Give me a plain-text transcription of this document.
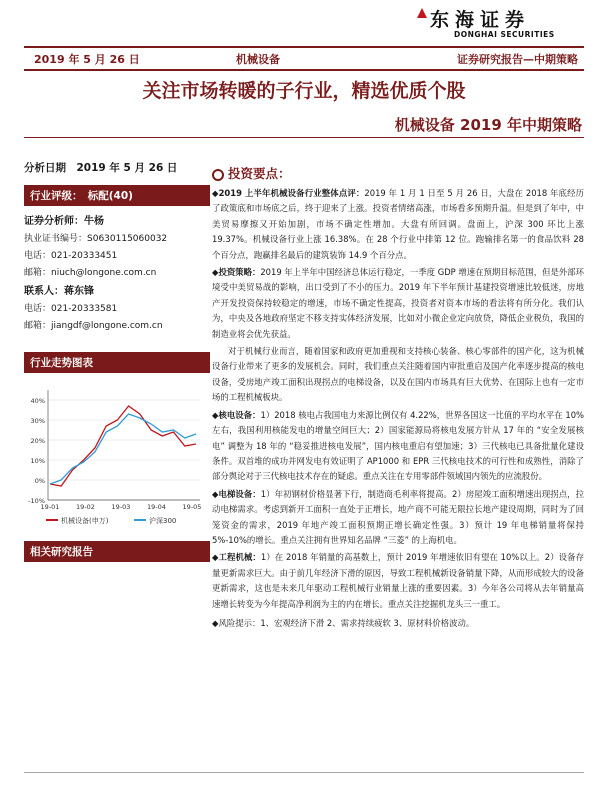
东海证券
DONGHAI SECURITIES
2019 年 5 月 26 日	机械设备	证券研究报告—中期策略
关注市场转暖的子行业，精选优质个股
机械设备 2019 年中期策略
分析日期　2019 年 5 月 26 日
行业评级：　标配(40)
证券分析师：牛杨
执业证书编号：S0630115060032
电话：021-20333451
邮箱：niuch@longone.com.cn
联系人：蒋东锋
电话：021-20333581
邮箱：jiangdf@longone.com.cn
行业走势图表
-10%
0%
10%
20%
30%
40%
19-01	19-02	19-03	19-04	19-05
机械设备(申万)	沪深300
相关研究报告
投资要点：

◆2019 上半年机械设备行业整体点评：2019 年 1 月 1 日至 5 月 26 日，大盘在 2018 年底经历了政策底和市场底之后，终于迎来了上涨。投资者情绪高涨，市场看多预期升温。但是到了年中，中美贸易摩擦又开始加剧，市场不确定性增加。大盘有所回调。盘面上，沪深 300 环比上涨 19.37%。机械设备行业上涨 16.38%。在 28 个行业中排第 12 位。跑输排名第一的食品饮料 28 个百分点，跑赢排名最后的建筑装饰 14.9 个百分点。

◆投资策略：2019 年上半年中国经济总体运行稳定，一季度 GDP 增速在预期目标范围，但是外部环境受中美贸易战的影响，出口受到了不小的压力。2019 年下半年预计基建投资增速比较低迷，房地产开发投资保持较稳定的增速，市场不确定性提高，投资者对资本市场的看法将有所分化。我们认为，中央及各地政府坚定不移支持实体经济发展，比如对小微企业定向放贷，降低企业税负，我国的制造业将会优先获益。

对于机械行业而言，随着国家和政府更加重视和支持核心装备、核心零部件的国产化，这为机械设备行业带来了更多的发展机会。同时，我们重点关注随着国内审批重启及国产化率逐步提高的核电设备，受房地产竣工面积出现拐点的电梯设备，以及在国内市场具有巨大优势、在国际上也有一定市场的工程机械板块。

◆核电设备：1）2018 核电占我国电力来源比例仅有 4.22%，世界各国这一比值的平均水平在 10%左右，我国利用核能发电的增量空间巨大；2）国家能源局将核电发展方针从 17 年的 “安全发展核电” 调整为 18 年的 “稳妥推进核电发展”，国内核电重启有望加速；3）三代核电已具备批量化建设条件。双首堆的成功并网发电有效证明了 AP1000 和 EPR 三代核电技术的可行性和成熟性，消除了部分舆论对于三代核电技术存在的疑虑。重点关注在专用零部件领域国内领先的应流股份。

◆电梯设备：1）年初钢材价格显著下行，制造商毛利率将提高。2）房屋竣工面积增速出现拐点，拉动电梯需求。考虑到新开工面积一直处于正增长，地产商不可能无限拉长地产建设周期，同时为了回笼资金的需求，2019 年地产竣工面积预期正增长确定性强。3）预计 19 年电梯销量将保持 5%-10%的增长。重点关注拥有世界知名品牌 “三菱” 的上海机电。

◆工程机械：1）在 2018 年销量的高基数上，预计 2019 年增速依旧有望在 10%以上。2）设备存量更新需求巨大。由于前几年经济下滑的原因，导致工程机械新设备销量下降，从而形成较大的设备更新需求，这也是未来几年驱动工程机械行业销量上涨的重要因素。3）今年各公司将从去年销量高速增长转变为今年提高净利润为主的内在增长。重点关注挖掘机龙头三一重工。

◆风险提示：1、宏观经济下滑 2、需求持续疲软 3、原材料价格波动。
